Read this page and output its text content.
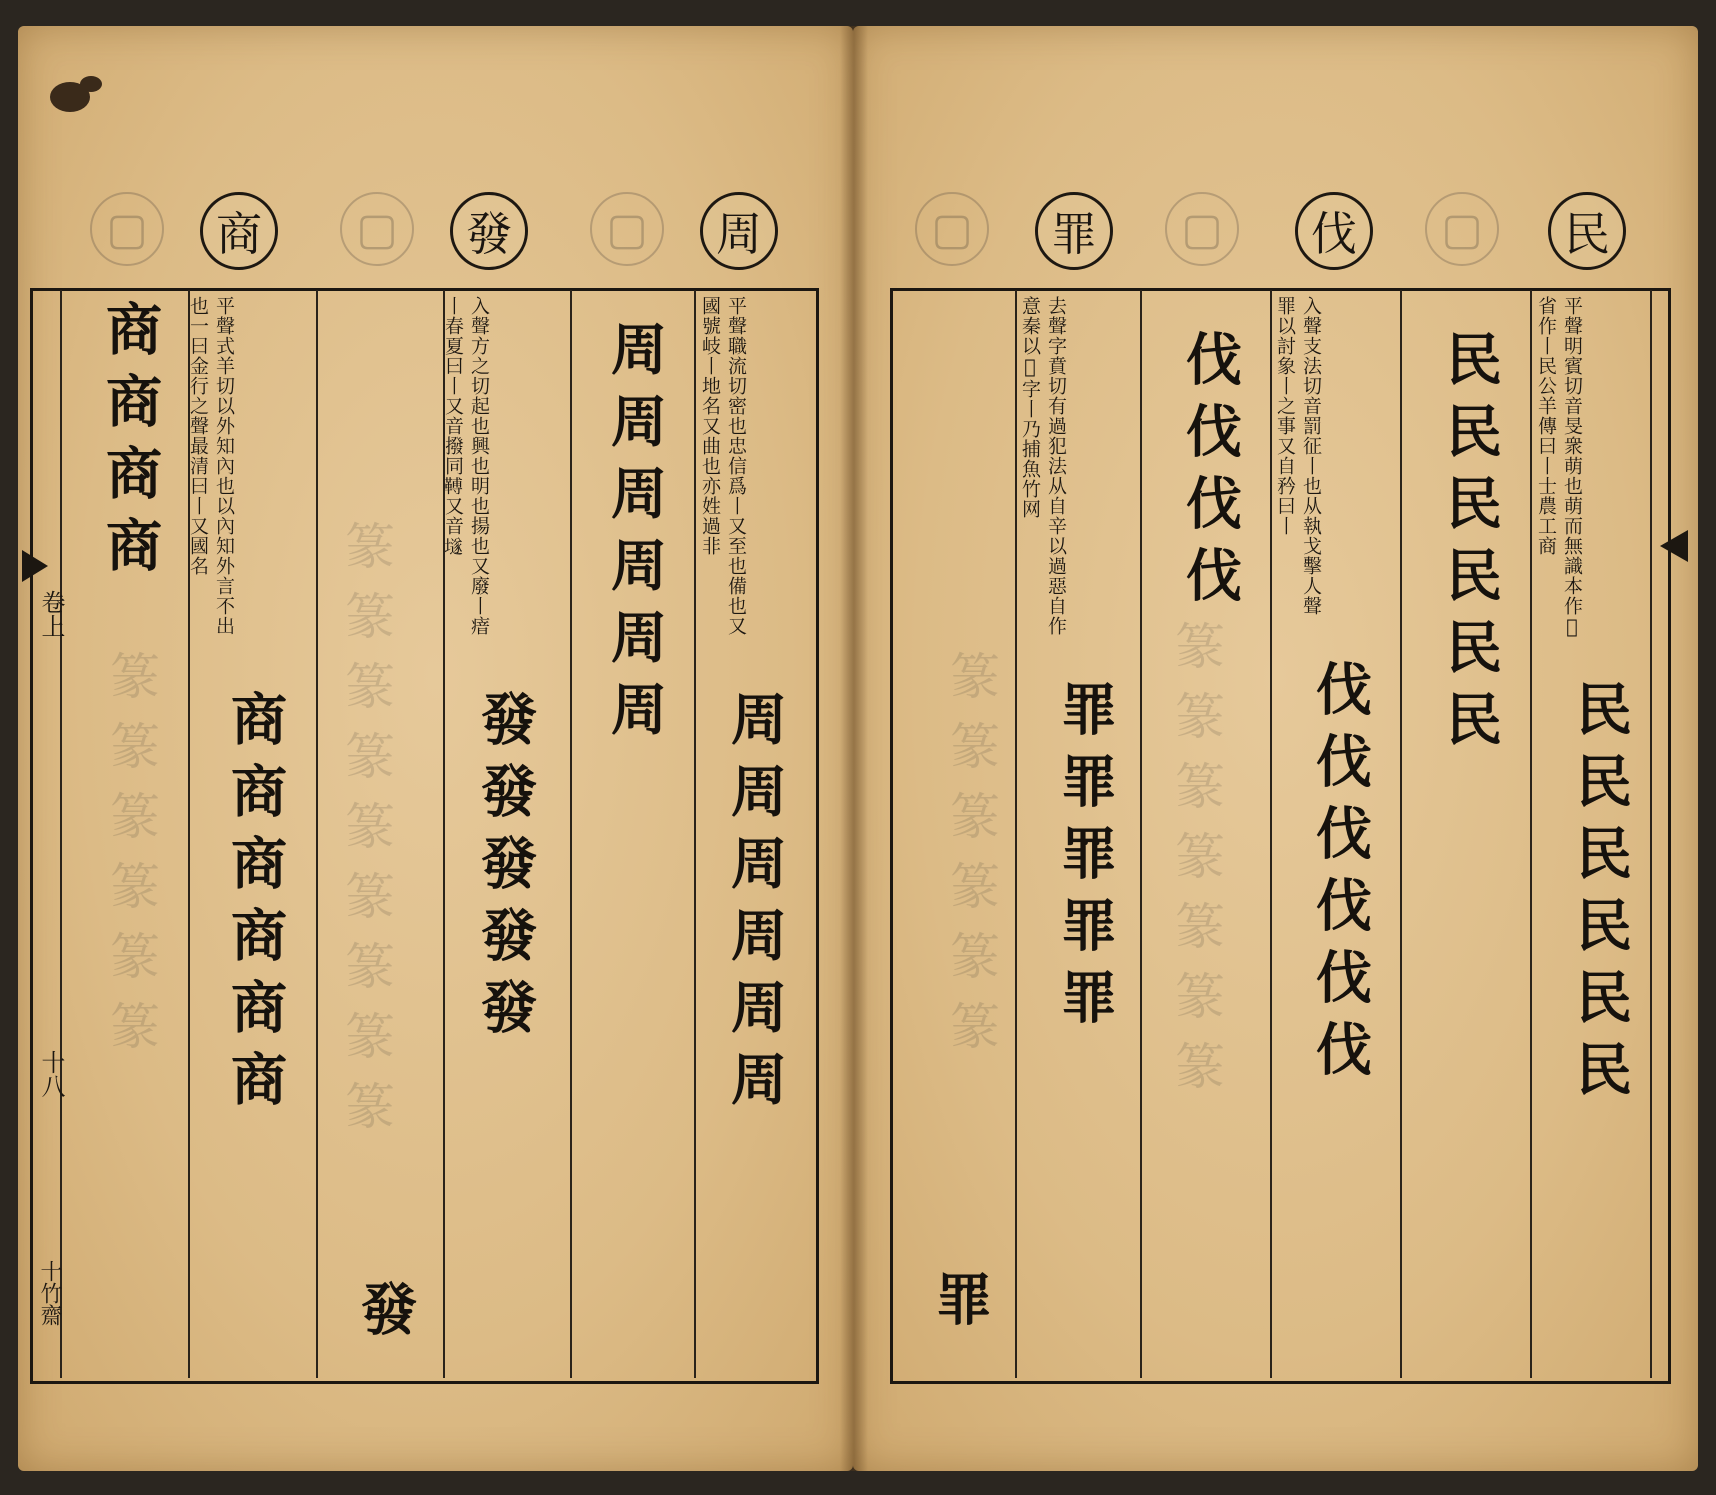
▢	▢	▢	▢	▢	▢
商	發	周	罪	伐	民
篆篆篆篆篆篆篆篆篆
篆篆篆篆篆篆	篆篆篆篆篆篆	篆篆篆篆篆篆篆
平聲職流切密也忠信爲丨又至也備也又國號岐丨地名又曲也亦姓過非
入聲方之切起也興也明也揚也又廢丨瘖丨春夏曰丨又音撥同𩌏又音𡑞
平聲式羊切以外知內也以內知外言不出也一曰金行之聲最清曰丨又國名
周周周周周周
周周周周周周
發發發發發
發
商商商商商商
商商商商
卷上
十八
十竹齋
平聲明賓切音旻衆萌也萌而無識本作𣲨省作丨民公羊傳曰丨士農工商
入聲支法切音罰征丨也从執戈擊人聲罪以討象丨之事又自矜曰丨
去聲字賁切有過犯法从自辛以過惡自作意秦以𦊰字丨乃捕魚竹网
民民民民民民
民民民民民民
伐伐伐伐伐伐
伐伐伐伐
罪罪罪罪罪
罪
